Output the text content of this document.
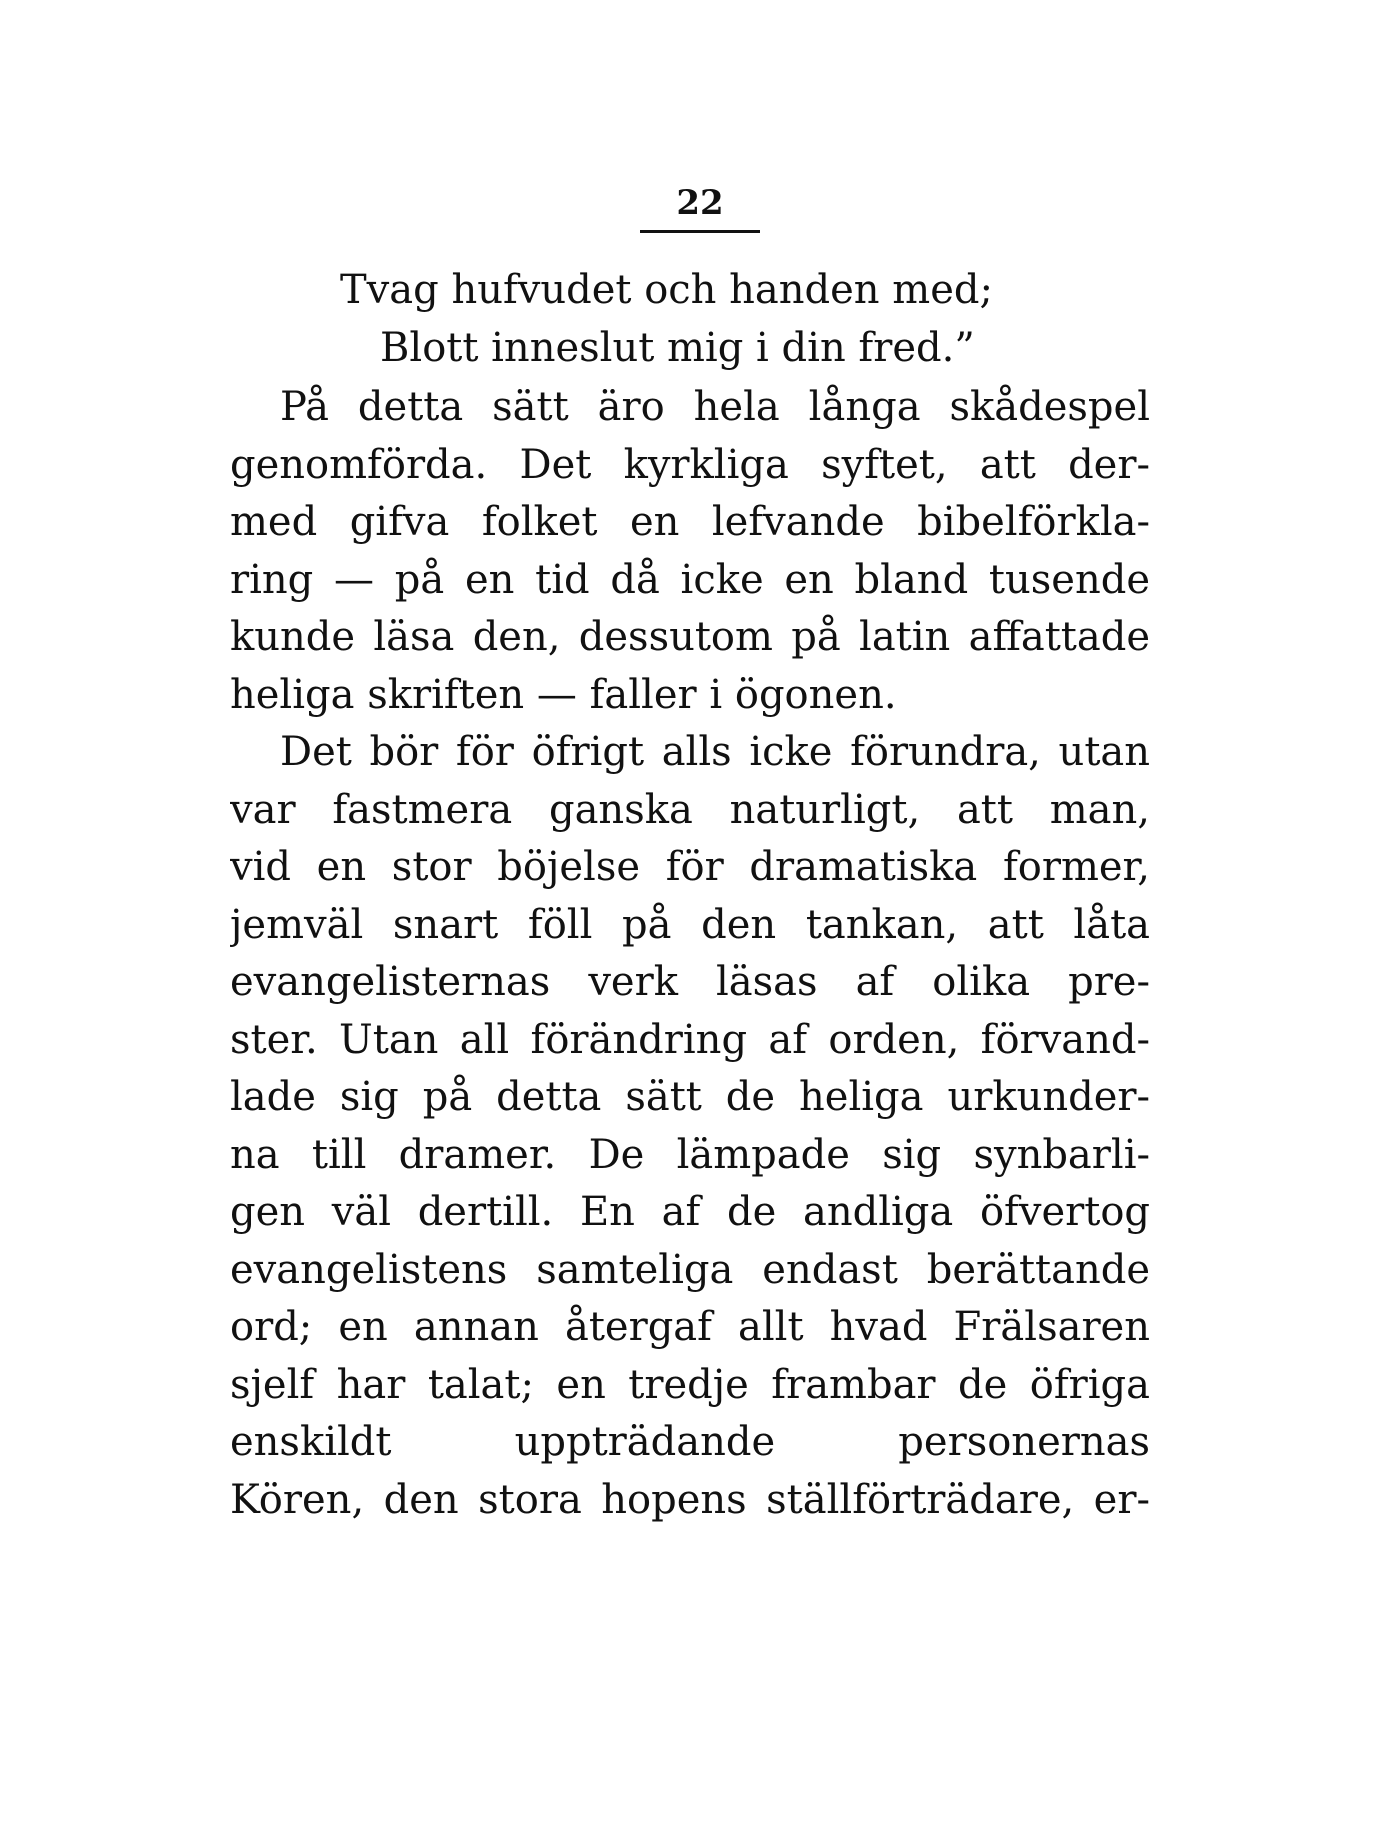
22
Tvag hufvudet och handen med;
Blott inneslut mig i din fred.”
På detta sätt äro hela långa skådespel
genomförda. Det kyrkliga syftet, att der-
med gifva folket en lefvande bibelförkla-
ring — på en tid då icke en bland tusende
kunde läsa den, dessutom på latin affattade
heliga skriften — faller i ögonen.
Det bör för öfrigt alls icke förundra, utan
var fastmera ganska naturligt, att man,
vid en stor böjelse för dramatiska former,
jemväl snart föll på den tankan, att låta
evangelisternas verk läsas af olika pre-
ster. Utan all förändring af orden, förvand-
lade sig på detta sätt de heliga urkunder-
na till dramer. De lämpade sig synbarli-
gen väl dertill. En af de andliga öfvertog
evangelistens samteliga endast berättande
ord; en annan återgaf allt hvad Frälsaren
sjelf har talat; en tredje frambar de öfriga
enskildt uppträdande personernas
Kören, den stora hopens ställförträdare, er-
